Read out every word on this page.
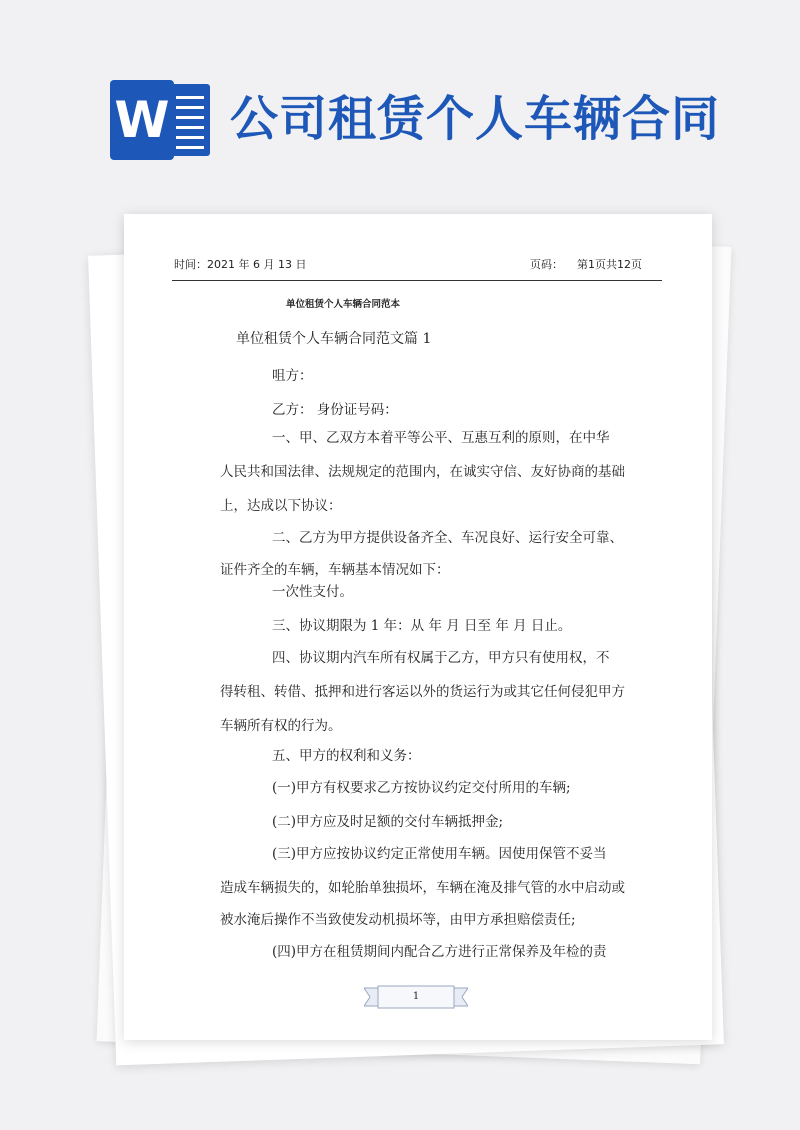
W 公司租赁个人车辆合同
时间：2021 年 6 月 13 日	页码： 第1页共12页
单位租赁个人车辆合同范本
单位租赁个人车辆合同范文篇 1
咀方：
乙方： 身份证号码：
一、甲、乙双方本着平等公平、互惠互利的原则，在中华
人民共和国法律、法规规定的范围内，在诚实守信、友好协商的基础
上，达成以下协议：
二、乙方为甲方提供设备齐全、车况良好、运行安全可靠、
证件齐全的车辆，车辆基本情况如下：
一次性支付。
三、协议期限为 1 年：从 年 月 日至 年 月 日止。
四、协议期内汽车所有权属于乙方，甲方只有使用权，不
得转租、转借、抵押和进行客运以外的货运行为或其它任何侵犯甲方
车辆所有权的行为。
五、甲方的权利和义务：
(一)甲方有权要求乙方按协议约定交付所用的车辆;
(二)甲方应及时足额的交付车辆抵押金;
(三)甲方应按协议约定正常使用车辆。因使用保管不妥当
造成车辆损失的，如轮胎单独损坏，车辆在淹及排气管的水中启动或
被水淹后操作不当致使发动机损坏等，由甲方承担赔偿责任;
(四)甲方在租赁期间内配合乙方进行正常保养及年检的责
1
